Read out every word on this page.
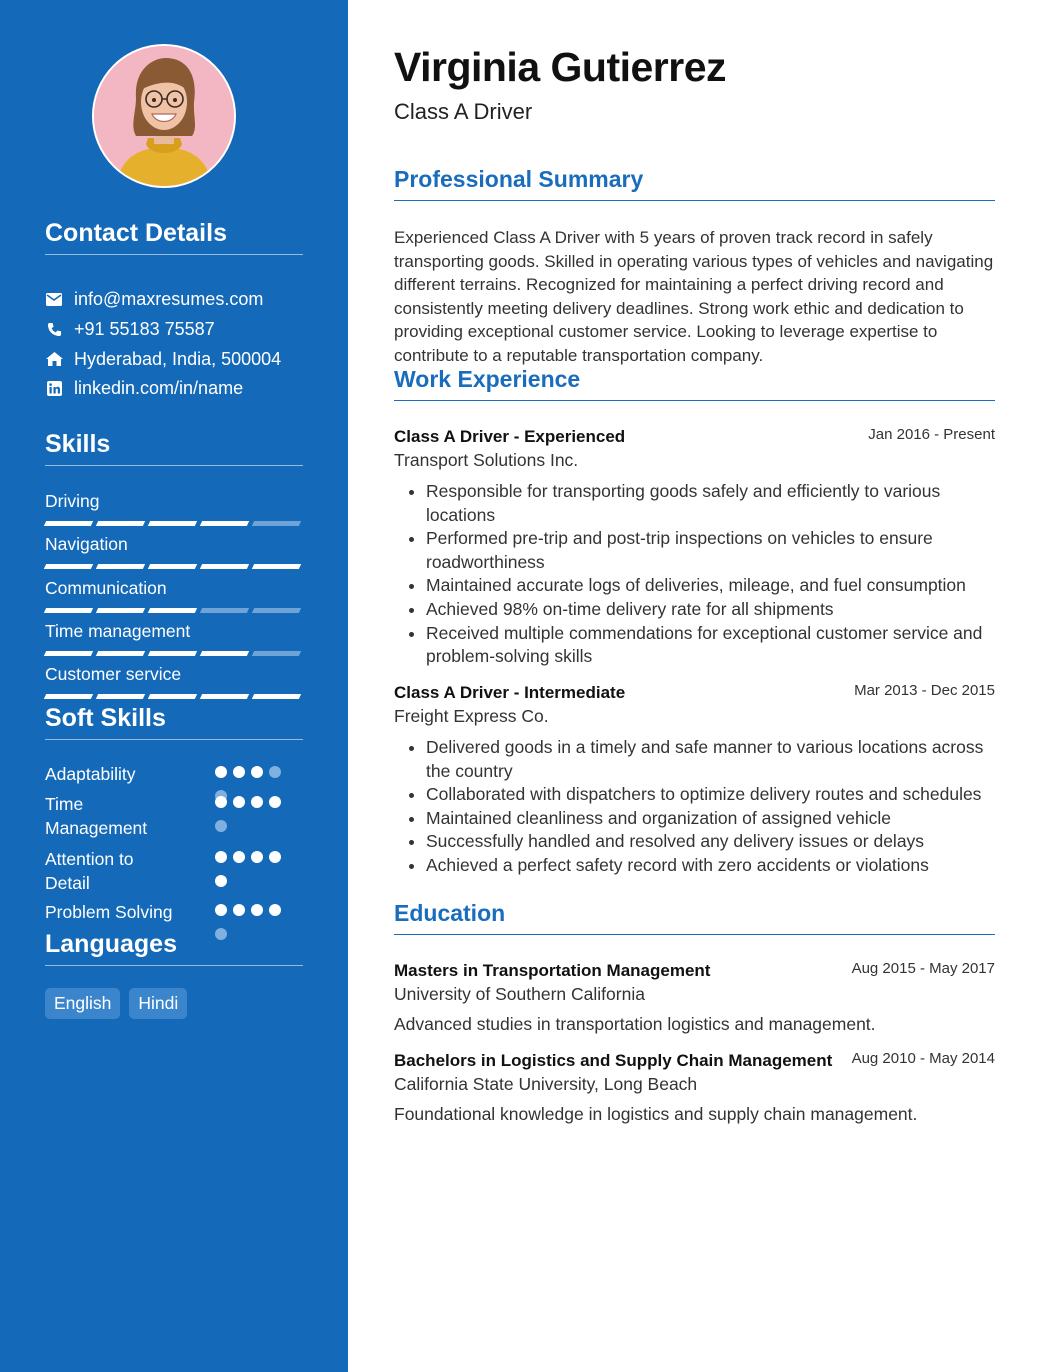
Contact Details
info@maxresumes.com
+91 55183 75587
Hyderabad, India, 500004
linkedin.com/in/name
Skills
Driving
Navigation
Communication
Time management
Customer service
Soft Skills
Adaptability
Time Management
Attention to Detail
Problem Solving
Languages
English	Hindi
Virginia Gutierrez
Class A Driver
Professional Summary

Experienced Class A Driver with 5 years of proven track record in safely transporting goods. Skilled in operating various types of vehicles and navigating different terrains. Recognized for maintaining a perfect driving record and consistently meeting delivery deadlines. Strong work ethic and dedication to providing exceptional customer service. Looking to leverage expertise to contribute to a reputable transportation company.

Work Experience
Class A Driver - Experienced	Jan 2016 - Present
Transport Solutions Inc.
• Responsible for transporting goods safely and efficiently to various locations
• Performed pre-trip and post-trip inspections on vehicles to ensure roadworthiness
• Maintained accurate logs of deliveries, mileage, and fuel consumption
• Achieved 98% on-time delivery rate for all shipments
• Received multiple commendations for exceptional customer service and problem-solving skills
Class A Driver - Intermediate	Mar 2013 - Dec 2015
Freight Express Co.
• Delivered goods in a timely and safe manner to various locations across the country
• Collaborated with dispatchers to optimize delivery routes and schedules
• Maintained cleanliness and organization of assigned vehicle
• Successfully handled and resolved any delivery issues or delays
• Achieved a perfect safety record with zero accidents or violations
Education
Masters in Transportation Management	Aug 2015 - May 2017
University of Southern California

Advanced studies in transportation logistics and management.

Bachelors in Logistics and Supply Chain Management Aug 2010 - May 2014
California State University, Long Beach

Foundational knowledge in logistics and supply chain management.
